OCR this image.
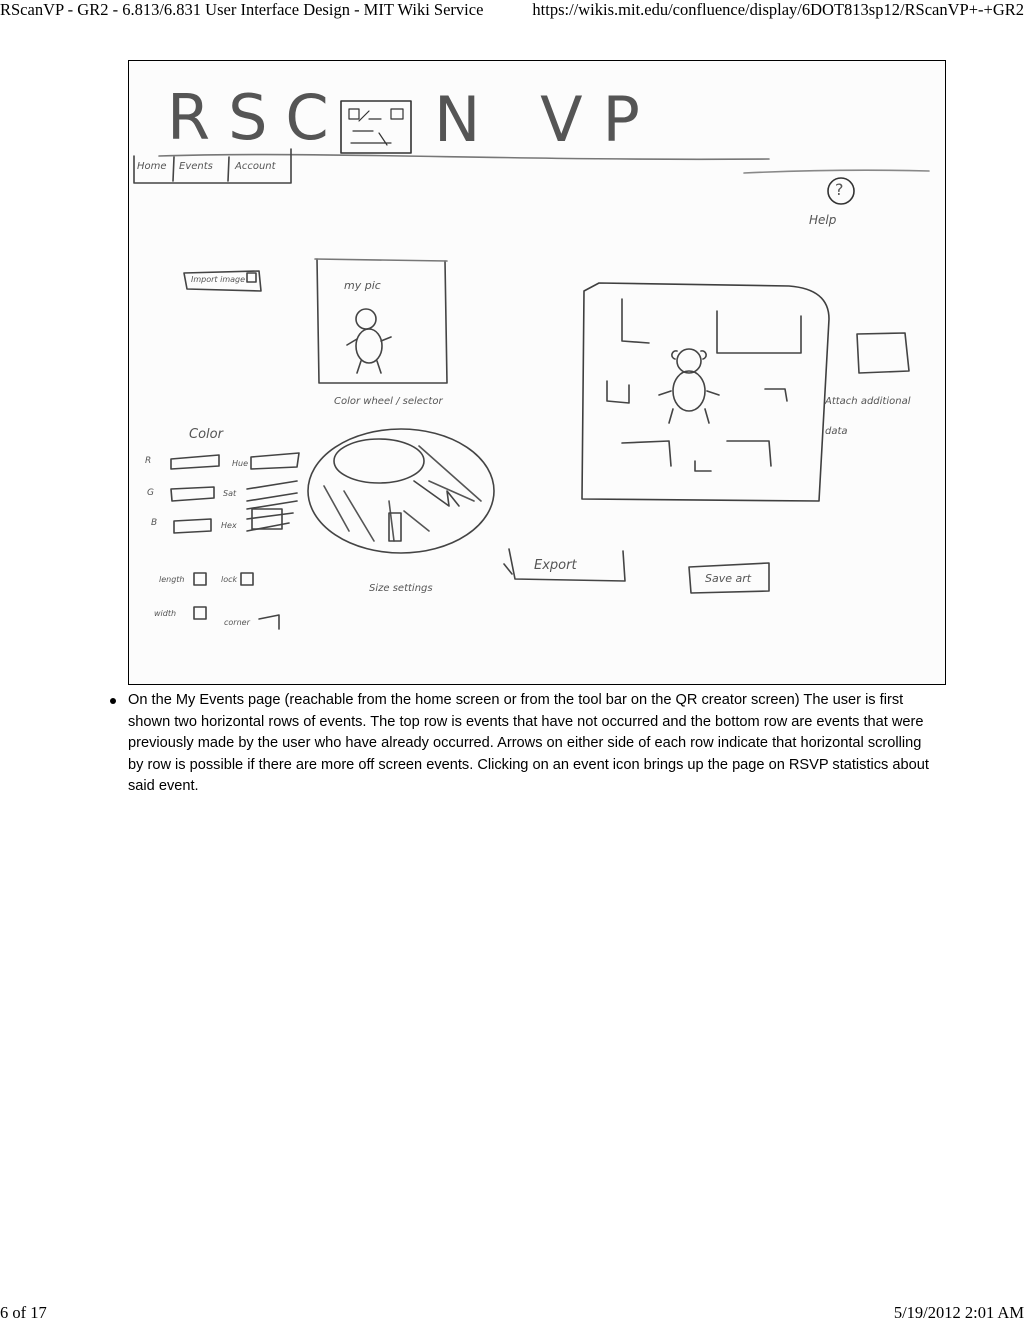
RScanVP - GR2 - 6.813/6.831 User Interface Design - MIT Wiki Service	https://wikis.mit.edu/confluence/display/6DOT813sp12/RScanVP+-+GR2
RSC N VP
Home Events Account
?
Help
Import image	my pic
Color wheel / selector
Color
R
G
B
Hue
Sat
Hex
length
width
lock
corner
Size settings
Attach additional data
Export
Save art
On the My Events page (reachable from the home screen or from the tool bar on the QR creator screen) The user is first shown two horizontal rows of events. The top row is events that have not occurred and the bottom row are events that were previously made by the user who have already occurred. Arrows on either side of each row indicate that horizontal scrolling by row is possible if there are more off screen events. Clicking on an event icon brings up the page on RSVP statistics about said event.
6 of 17	5/19/2012 2:01 AM
